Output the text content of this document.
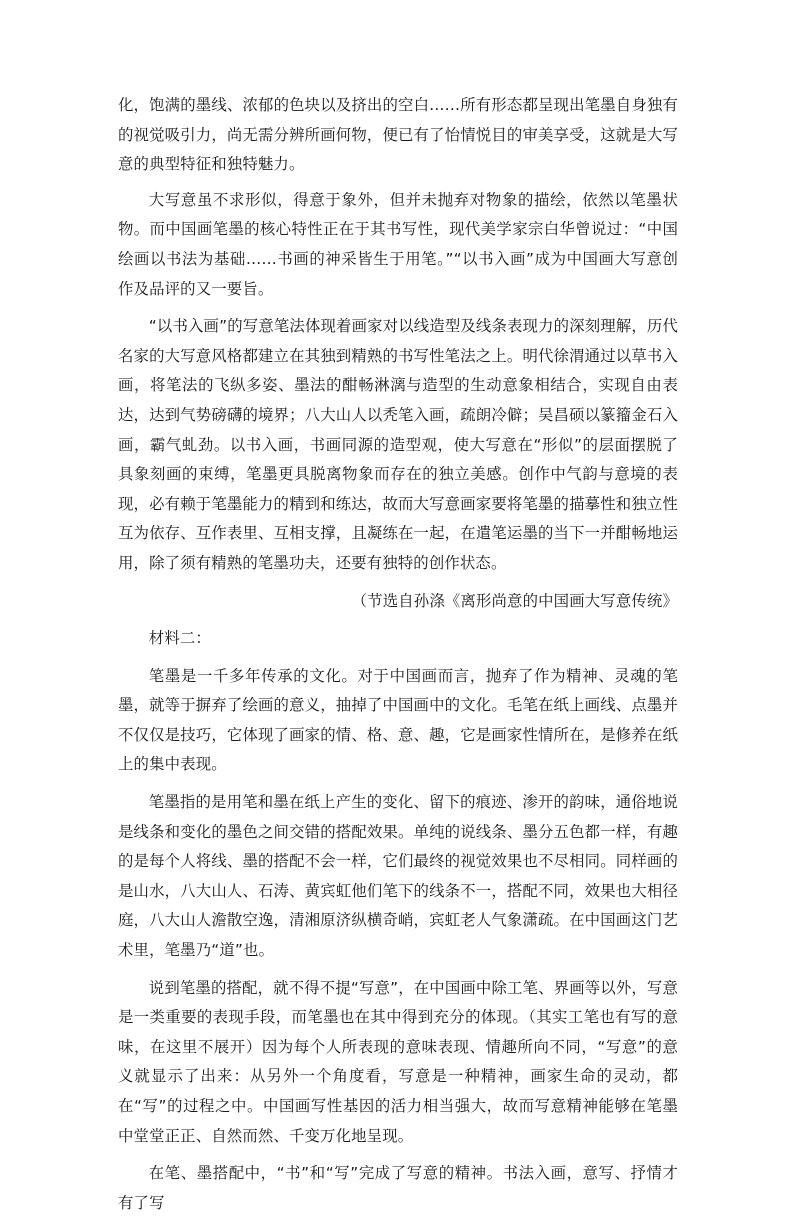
化，饱满的墨线、浓郁的色块以及挤出的空白……所有形态都呈现出笔墨自身独有的视觉吸引力，尚无需分辨所画何物，便已有了怡情悦目的审美享受，这就是大写意的典型特征和独特魅力。

大写意虽不求形似，得意于象外，但并未抛弃对物象的描绘，依然以笔墨状物。而中国画笔墨的核心特性正在于其书写性，现代美学家宗白华曾说过：“中国绘画以书法为基础……书画的神采皆生于用笔。”“以书入画”成为中国画大写意创作及品评的又一要旨。

“以书入画”的写意笔法体现着画家对以线造型及线条表现力的深刻理解，历代名家的大写意风格都建立在其独到精熟的书写性笔法之上。明代徐渭通过以草书入画，将笔法的飞纵多姿、墨法的酣畅淋漓与造型的生动意象相结合，实现自由表达，达到气势磅礴的境界；八大山人以秃笔入画，疏朗冷僻；吴昌硕以篆籀金石入画，霸气虬劲。以书入画，书画同源的造型观，使大写意在“形似”的层面摆脱了具象刻画的束缚，笔墨更具脱离物象而存在的独立美感。创作中气韵与意境的表现，必有赖于笔墨能力的精到和练达，故而大写意画家要将笔墨的描摹性和独立性互为依存、互作表里、互相支撑，且凝练在一起，在遣笔运墨的当下一并酣畅地运用，除了须有精熟的笔墨功夫，还要有独特的创作状态。

（节选自孙涤《离形尚意的中国画大写意传统》

材料二：

笔墨是一千多年传承的文化。对于中国画而言，抛弃了作为精神、灵魂的笔墨，就等于摒弃了绘画的意义，抽掉了中国画中的文化。毛笔在纸上画线、点墨并不仅仅是技巧，它体现了画家的情、格、意、趣，它是画家性情所在，是修养在纸上的集中表现。

笔墨指的是用笔和墨在纸上产生的变化、留下的痕迹、渗开的韵味，通俗地说是线条和变化的墨色之间交错的搭配效果。单纯的说线条、墨分五色都一样，有趣的是每个人将线、墨的搭配不会一样，它们最终的视觉效果也不尽相同。同样画的是山水，八大山人、石涛、黄宾虹他们笔下的线条不一，搭配不同，效果也大相径庭，八大山人澹散空逸，清湘原济纵横奇峭，宾虹老人气象潇疏。在中国画这门艺术里，笔墨乃“道”也。

说到笔墨的搭配，就不得不提“写意”，在中国画中除工笔、界画等以外，写意是一类重要的表现手段，而笔墨也在其中得到充分的体现。（其实工笔也有写的意味，在这里不展开）因为每个人所表现的意味表现、情趣所向不同，“写意”的意义就显示了出来：从另外一个角度看，写意是一种精神，画家生命的灵动，都在“写”的过程之中。中国画写性基因的活力相当强大，故而写意精神能够在笔墨中堂堂正正、自然而然、千变万化地呈现。

在笔、墨搭配中，“书”和“写”完成了写意的精神。书法入画，意写、抒情才有了写
